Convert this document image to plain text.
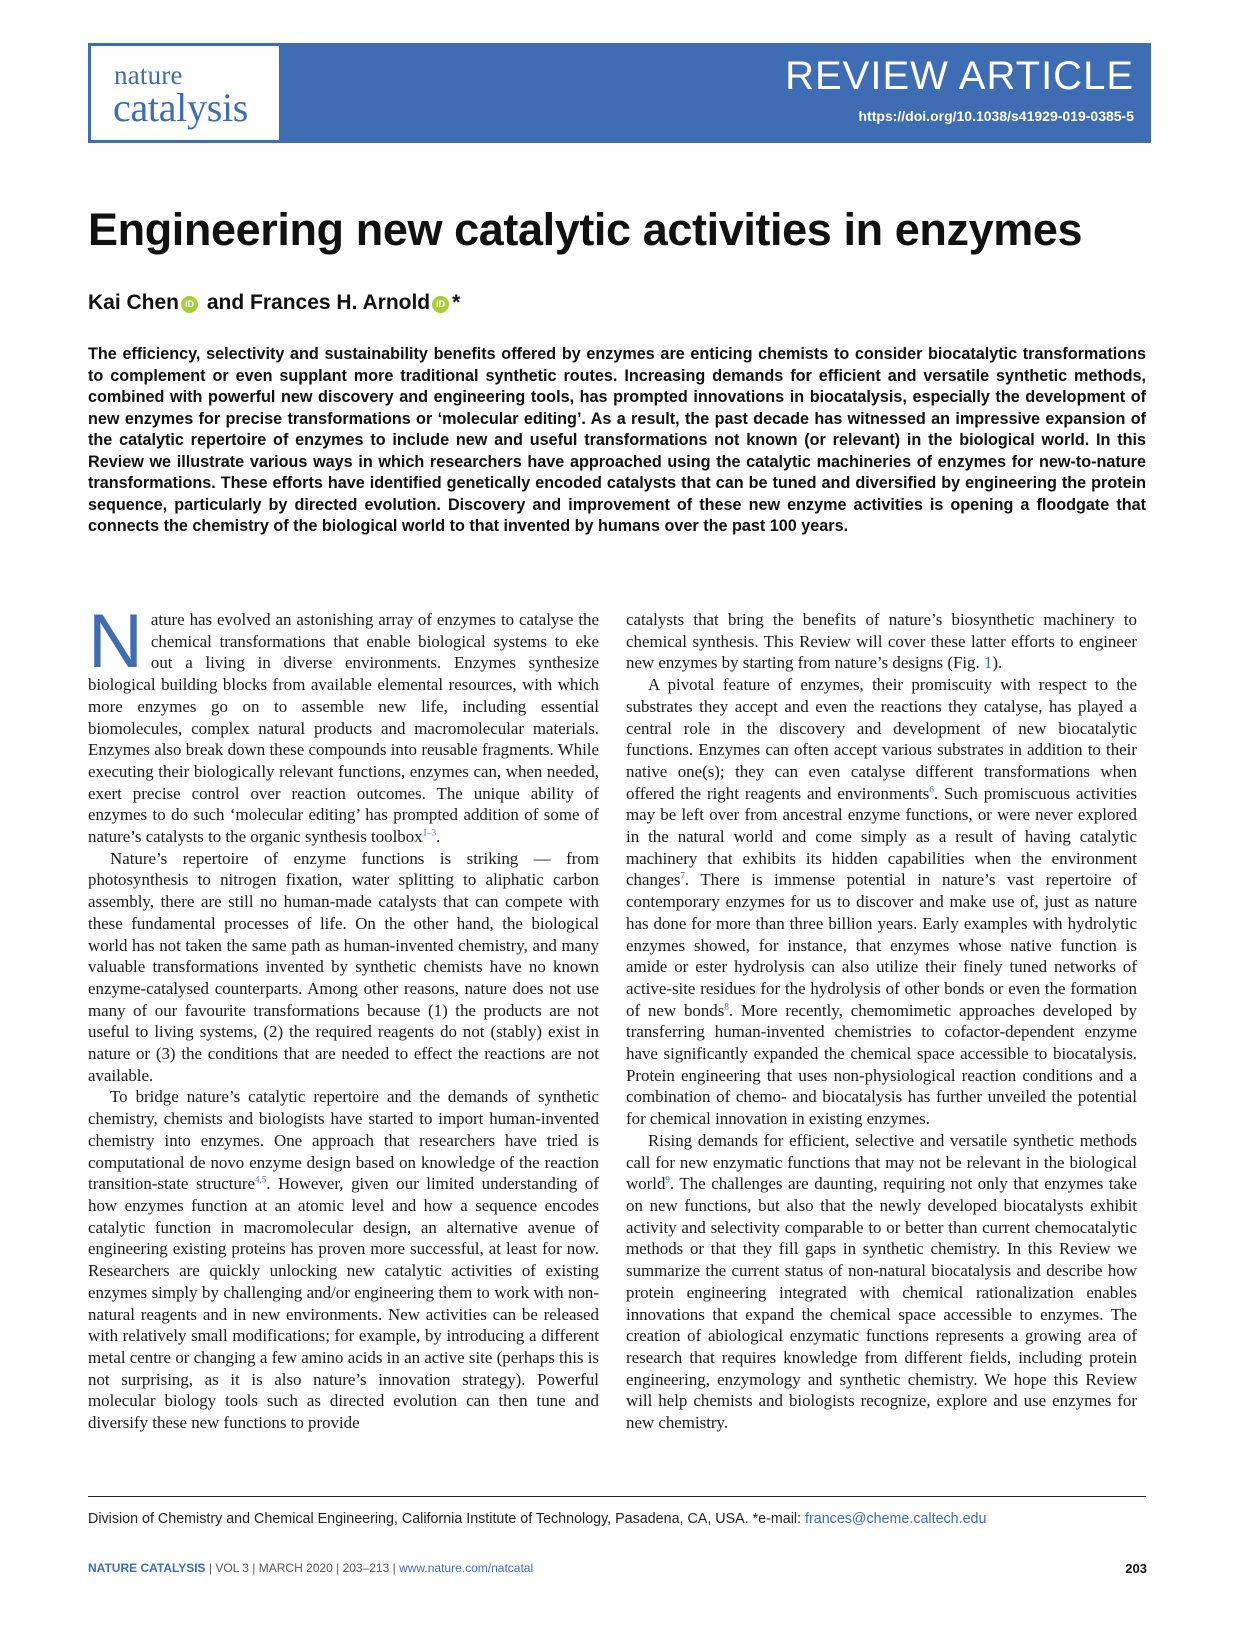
nature
catalysis
REVIEW ARTICLE
https://doi.org/10.1038/s41929-019-0385-5
Engineering new catalytic activities in enzymes
Kai Chen iD and Frances H. Arnold iD *

The efficiency, selectivity and sustainability benefits offered by enzymes are enticing chemists to consider biocatalytic transformations to complement or even supplant more traditional synthetic routes. Increasing demands for efficient and versatile synthetic methods, combined with powerful new discovery and engineering tools, has prompted innovations in biocatalysis, especially the development of new enzymes for precise transformations or ‘molecular editing’. As a result, the past decade has witnessed an impressive expansion of the catalytic repertoire of enzymes to include new and useful transformations not known (or relevant) in the biological world. In this Review we illustrate various ways in which researchers have approached using the catalytic machineries of enzymes for new-to-nature transformations. These efforts have identified genetically encoded catalysts that can be tuned and diversified by engineering the protein sequence, particularly by directed evolution. Discovery and improvement of these new enzyme activities is opening a floodgate that connects the chemistry of the biological world to that invented by humans over the past 100 years.

Nature has evolved an astonishing array of enzymes to catalyse the chemical transformations that enable biological systems to eke out a living in diverse environments. Enzymes synthesize biological building blocks from available elemental resources, with which more enzymes go on to assemble new life, including essential biomolecules, complex natural products and macromolecular materials. Enzymes also break down these compounds into reusable fragments. While executing their biologically relevant functions, enzymes can, when needed, exert precise control over reaction outcomes. The unique ability of enzymes to do such ‘molecular editing’ has prompted addition of some of nature’s catalysts to the organic synthesis toolbox$^{1-3}$.

Nature’s repertoire of enzyme functions is striking — from photosynthesis to nitrogen fixation, water splitting to aliphatic carbon assembly, there are still no human-made catalysts that can compete with these fundamental processes of life. On the other hand, the biological world has not taken the same path as human-invented chemistry, and many valuable transformations invented by synthetic chemists have no known enzyme-catalysed counterparts. Among other reasons, nature does not use many of our favourite transformations because (1) the products are not useful to living systems, (2) the required reagents do not (stably) exist in nature or (3) the conditions that are needed to effect the reactions are not available.

To bridge nature’s catalytic repertoire and the demands of synthetic chemistry, chemists and biologists have started to import human-invented chemistry into enzymes. One approach that researchers have tried is computational de novo enzyme design based on knowledge of the reaction transition-state structure$^{4,5}$. However, given our limited understanding of how enzymes function at an atomic level and how a sequence encodes catalytic function in macromolecular design, an alternative avenue of engineering existing proteins has proven more successful, at least for now. Researchers are quickly unlocking new catalytic activities of existing enzymes simply by challenging and/or engineering them to work with non-natural reagents and in new environments. New activities can be released with relatively small modifications; for example, by introducing a different metal centre or changing a few amino acids in an active site (perhaps this is not surprising, as it is also nature’s innovation strategy). Powerful molecular biology tools such as directed evolution can then tune and diversify these new functions to provide

catalysts that bring the benefits of nature’s biosynthetic machinery to chemical synthesis. This Review will cover these latter efforts to engineer new enzymes by starting from nature’s designs (Fig. 1).

A pivotal feature of enzymes, their promiscuity with respect to the substrates they accept and even the reactions they catalyse, has played a central role in the discovery and development of new biocatalytic functions. Enzymes can often accept various substrates in addition to their native one(s); they can even catalyse different transformations when offered the right reagents and environments$^6$. Such promiscuous activities may be left over from ancestral enzyme functions, or were never explored in the natural world and come simply as a result of having catalytic machinery that exhibits its hidden capabilities when the environment changes$^7$. There is immense potential in nature’s vast repertoire of contemporary enzymes for us to discover and make use of, just as nature has done for more than three billion years. Early examples with hydrolytic enzymes showed, for instance, that enzymes whose native function is amide or ester hydrolysis can also utilize their finely tuned networks of active-site residues for the hydrolysis of other bonds or even the formation of new bonds$^8$. More recently, chemomimetic approaches developed by transferring human-invented chemistries to cofactor-dependent enzyme have significantly expanded the chemical space accessible to biocatalysis. Protein engineering that uses non-physiological reaction conditions and a combination of chemo- and biocatalysis has further unveiled the potential for chemical innovation in existing enzymes.

Rising demands for efficient, selective and versatile synthetic methods call for new enzymatic functions that may not be relevant in the biological world$^9$. The challenges are daunting, requiring not only that enzymes take on new functions, but also that the newly developed biocatalysts exhibit activity and selectivity comparable to or better than current chemocatalytic methods or that they fill gaps in synthetic chemistry. In this Review we summarize the current status of non-natural biocatalysis and describe how protein engineering integrated with chemical rationalization enables innovations that expand the chemical space accessible to enzymes. The creation of abiological enzymatic functions represents a growing area of research that requires knowledge from different fields, including protein engineering, enzymology and synthetic chemistry. We hope this Review will help chemists and biologists recognize, explore and use enzymes for new chemistry.

Division of Chemistry and Chemical Engineering, California Institute of Technology, Pasadena, CA, USA. *e-mail: frances@cheme.caltech.edu
NATURE CATALYSIS | VOL 3 | MARCH 2020 | 203–213 | www.nature.com/natcatal	203
